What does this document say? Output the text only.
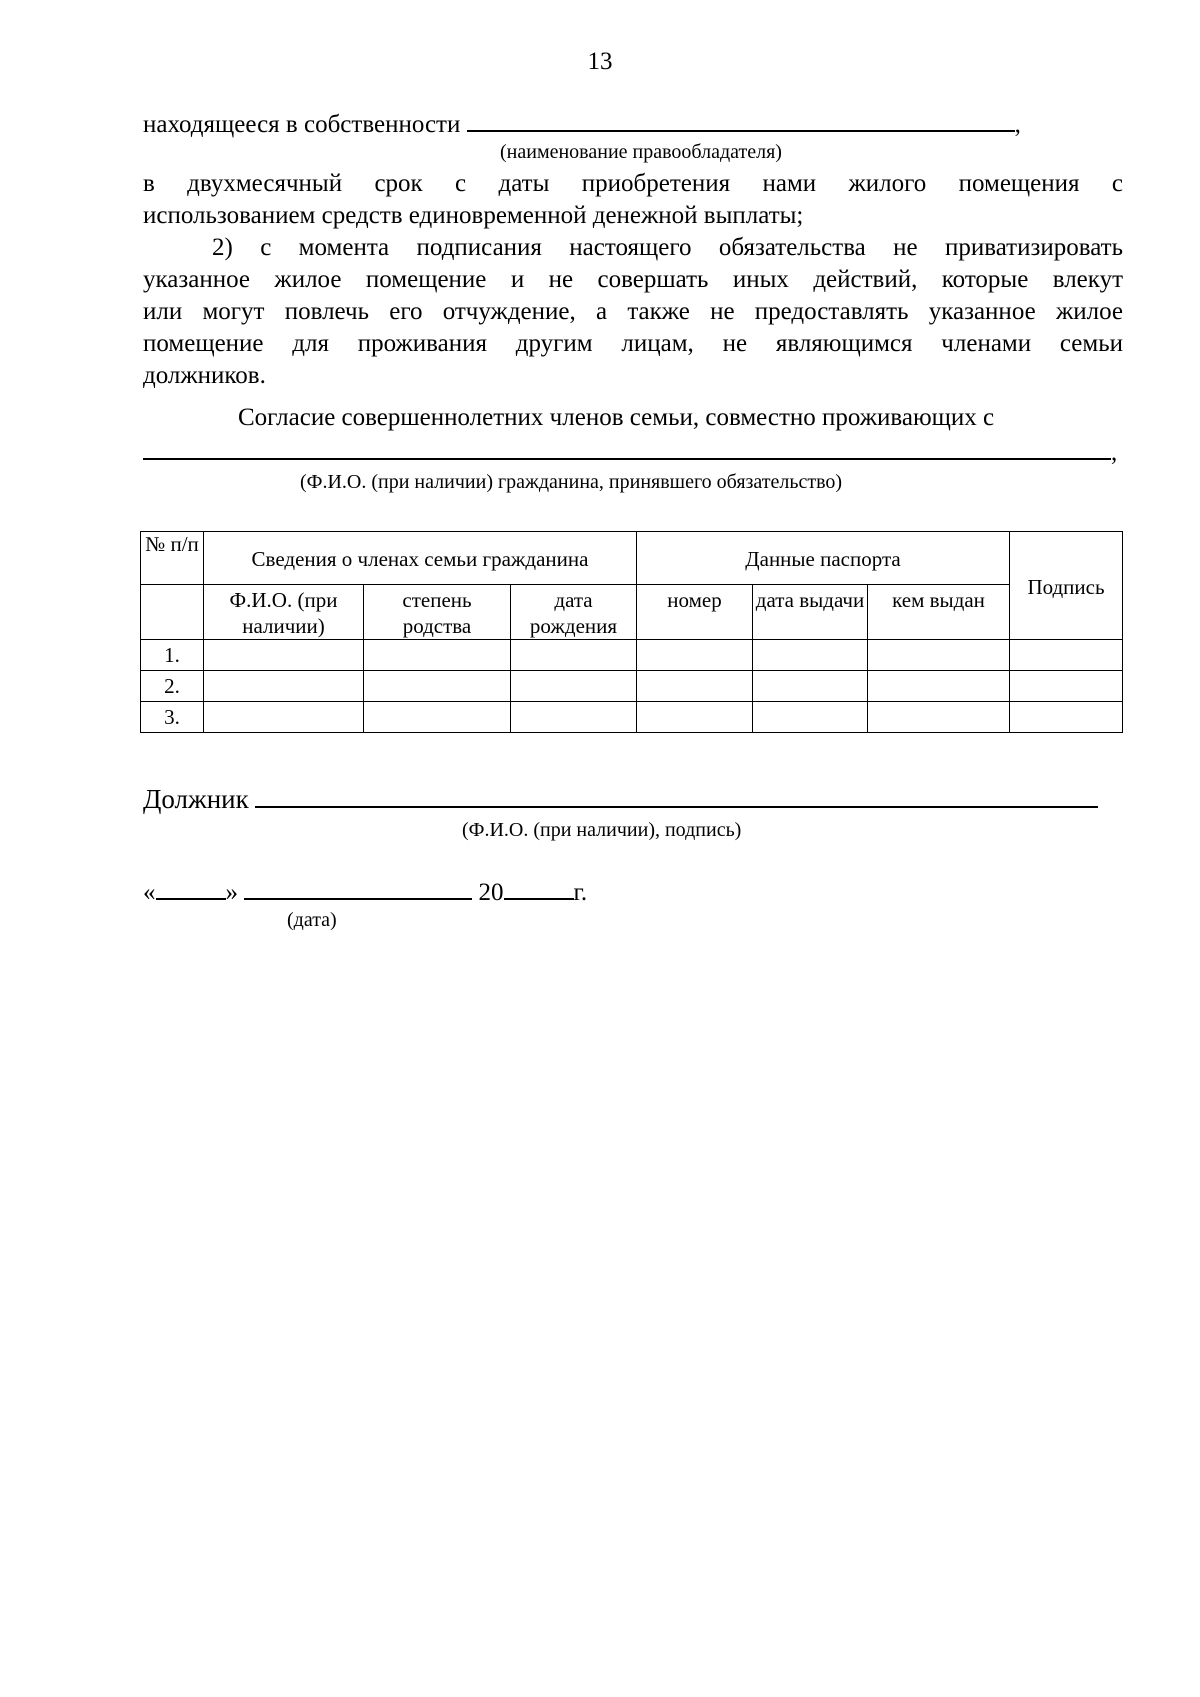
13
находящееся в собственности	,
(наименование правообладателя)
в двухмесячный срок с даты приобретения нами жилого помещения с
использованием средств единовременной денежной выплаты;
2) с момента подписания настоящего обязательства не приватизировать
указанное жилое помещение и не совершать иных действий, которые влекут
или могут повлечь его отчуждение, а также не предоставлять указанное жилое
помещение для проживания другим лицам, не являющимся членами семьи
должников.
Согласие совершеннолетних членов семьи, совместно проживающих с
,
(Ф.И.О. (при наличии) гражданина, принявшего обязательство)
№ п/п	Сведения о членах семьи гражданина			Данные паспорта			Подпись
	Ф.И.О. (при наличии)	степень родства	дата рождения	номер	дата выдачи	кем выдан	
1.							
2.							
3.							
Должник
(Ф.И.О. (при наличии), подпись)
«	»	20	г.
(дата)
